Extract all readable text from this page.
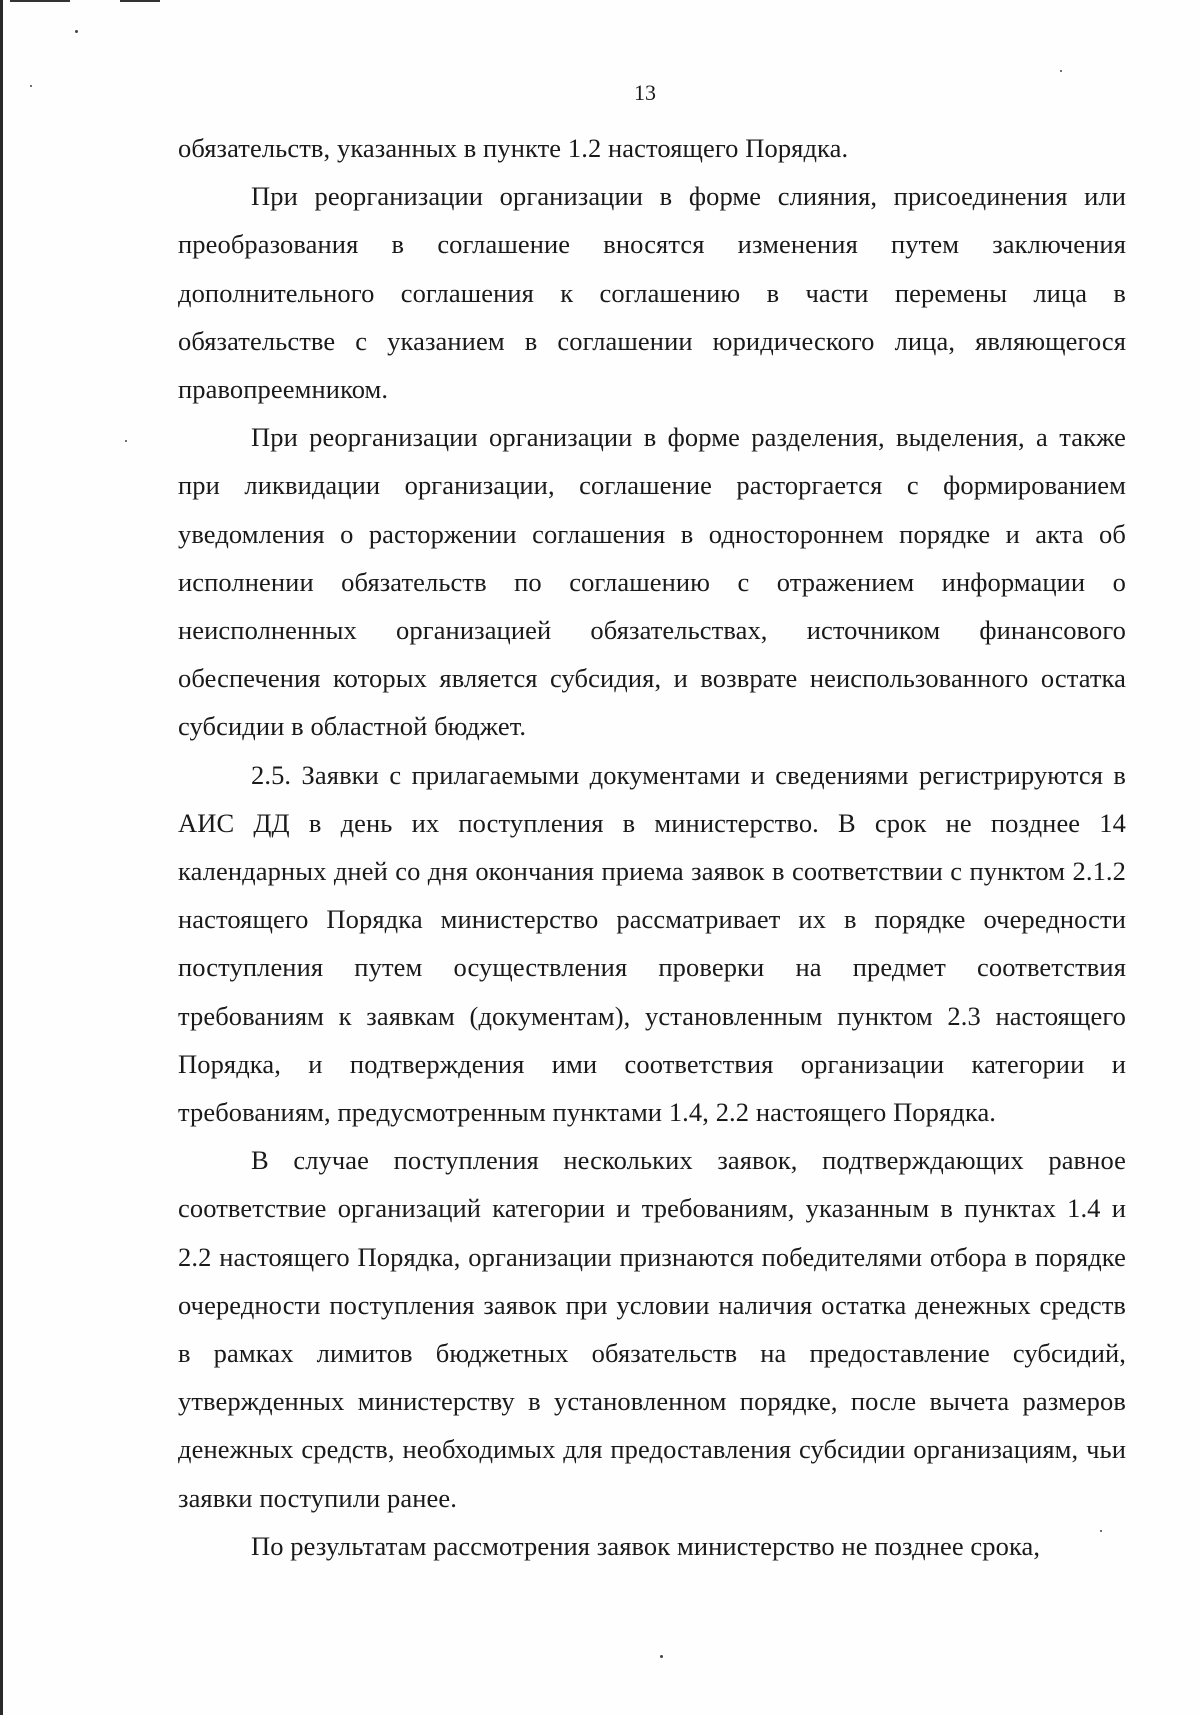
13

обязательств, указанных в пункте 1.2 настоящего Порядка.

При реорганизации организации в форме слияния, присоединения или преобразования в соглашение вносятся изменения путем заключения дополнительного соглашения к соглашению в части перемены лица в обязательстве с указанием в соглашении юридического лица, являющегося правопреемником.

При реорганизации организации в форме разделения, выделения, а также при ликвидации организации, соглашение расторгается с формированием уведомления о расторжении соглашения в одностороннем порядке и акта об исполнении обязательств по соглашению с отражением информации о неисполненных организацией обязательствах, источником финансового обеспечения которых является субсидия, и возврате неиспользованного остатка субсидии в областной бюджет.

2.5. Заявки с прилагаемыми документами и сведениями регистрируются в АИС ДД в день их поступления в министерство. В срок не позднее 14 календарных дней со дня окончания приема заявок в соответствии с пунктом 2.1.2 настоящего Порядка министерство рассматривает их в порядке очередности поступления путем осуществления проверки на предмет соответствия требованиям к заявкам (документам), установленным пунктом 2.3 настоящего Порядка, и подтверждения ими соответствия организации категории и требованиям, предусмотренным пунктами 1.4, 2.2 настоящего Порядка.

В случае поступления нескольких заявок, подтверждающих равное соответствие организаций категории и требованиям, указанным в пунктах 1.4 и 2.2 настоящего Порядка, организации признаются победителями отбора в порядке очередности поступления заявок при условии наличия остатка денежных средств в рамках лимитов бюджетных обязательств на предоставление субсидий, утвержденных министерству в установленном порядке, после вычета размеров денежных средств, необходимых для предоставления субсидии организациям, чьи заявки поступили ранее.

По результатам рассмотрения заявок министерство не позднее срока,
